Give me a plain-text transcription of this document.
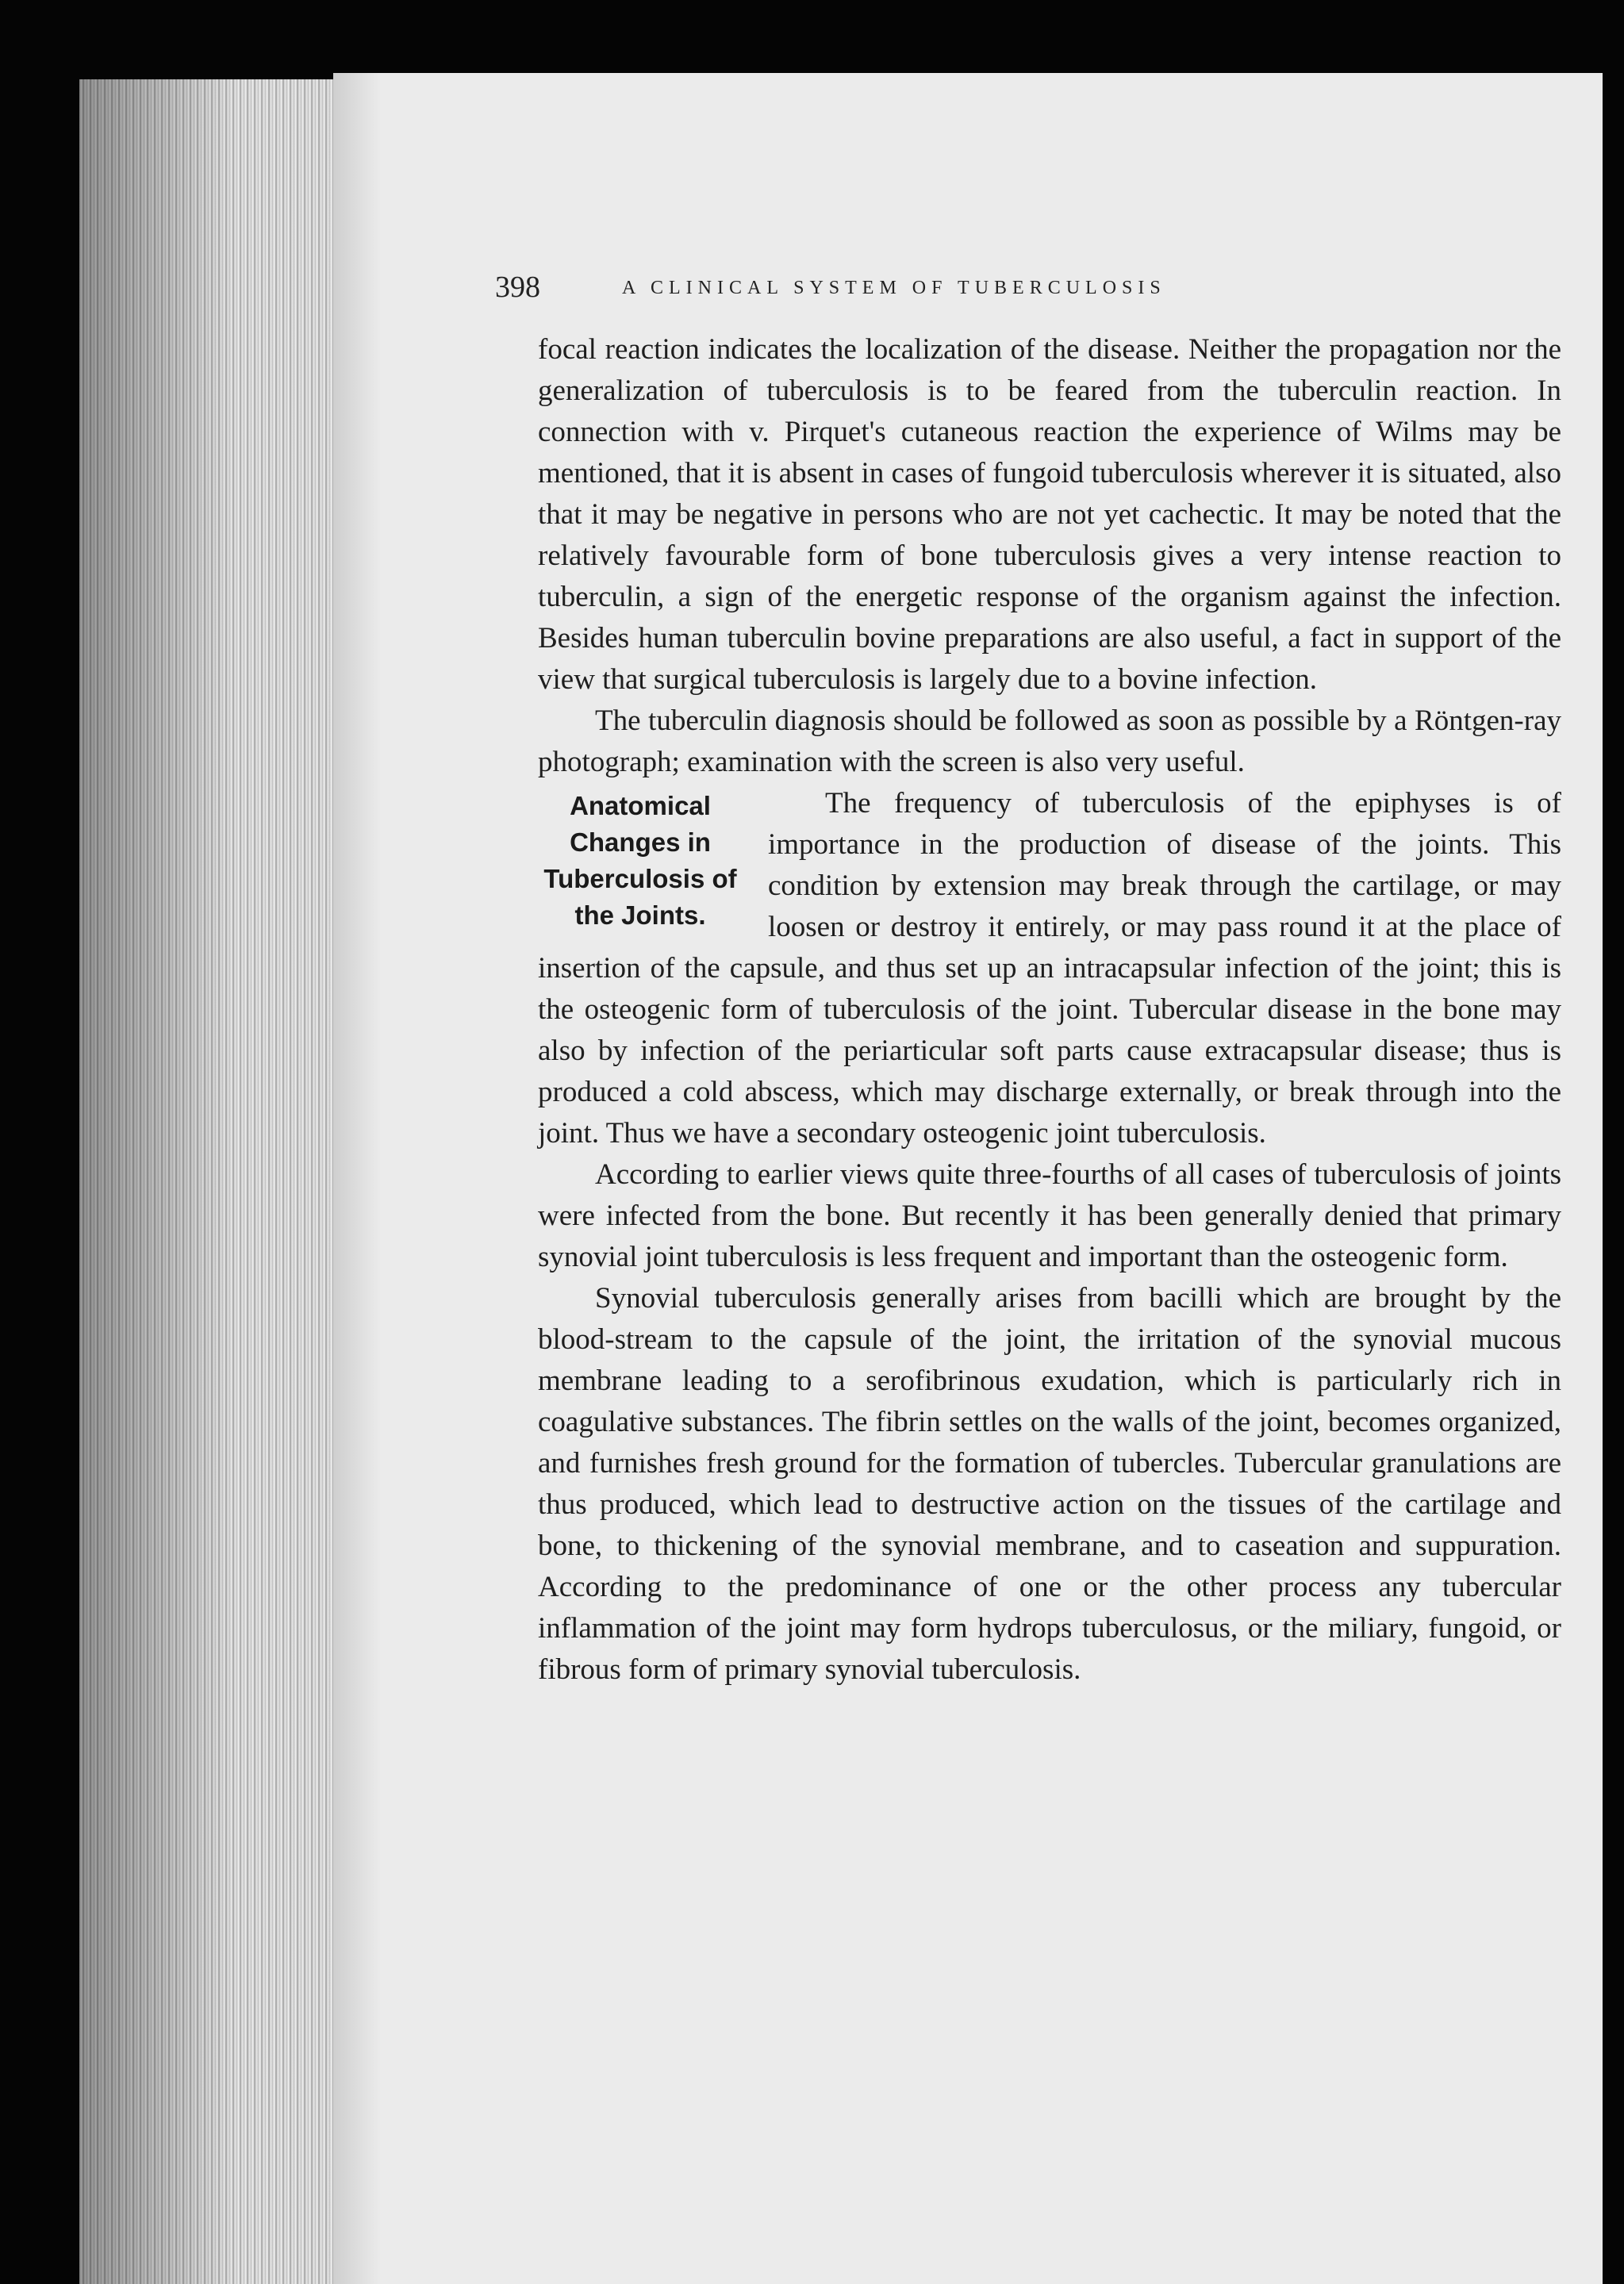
398	A CLINICAL SYSTEM OF TUBERCULOSIS

focal reaction indicates the localization of the disease. Neither the propagation nor the generalization of tuberculosis is to be feared from the tuberculin reaction. In connection with v. Pirquet's cutaneous reaction the experience of Wilms may be mentioned, that it is absent in cases of fungoid tuberculosis wherever it is situated, also that it may be negative in persons who are not yet cachectic. It may be noted that the relatively favourable form of bone tuberculosis gives a very intense reaction to tuberculin, a sign of the energetic response of the organism against the infection. Besides human tuberculin bovine preparations are also useful, a fact in support of the view that surgical tuberculosis is largely due to a bovine infection.

The tuberculin diagnosis should be followed as soon as possible by a Röntgen-ray photograph; examination with the screen is also very useful.

Anatomical Changes in Tuberculosis of the Joints.

The frequency of tuberculosis of the epiphyses is of importance in the production of disease of the joints. This condition by extension may break through the cartilage, or may loosen or destroy it entirely, or may pass round it at the place of insertion of the capsule, and thus set up an intracapsular infection of the joint; this is the osteogenic form of tuberculosis of the joint. Tubercular disease in the bone may also by infection of the periarticular soft parts cause extracapsular disease; thus is produced a cold abscess, which may discharge externally, or break through into the joint. Thus we have a secondary osteogenic joint tuberculosis.

According to earlier views quite three-fourths of all cases of tuberculosis of joints were infected from the bone. But recently it has been generally denied that primary synovial joint tuberculosis is less frequent and important than the osteogenic form.

Synovial tuberculosis generally arises from bacilli which are brought by the blood-stream to the capsule of the joint, the irritation of the synovial mucous membrane leading to a serofibrinous exudation, which is particularly rich in coagulative substances. The fibrin settles on the walls of the joint, becomes organized, and furnishes fresh ground for the formation of tubercles. Tubercular granulations are thus produced, which lead to destructive action on the tissues of the cartilage and bone, to thickening of the synovial membrane, and to caseation and suppuration. According to the predominance of one or the other process any tubercular inflammation of the joint may form hydrops tuberculosus, or the miliary, fungoid, or fibrous form of primary synovial tuberculosis.
